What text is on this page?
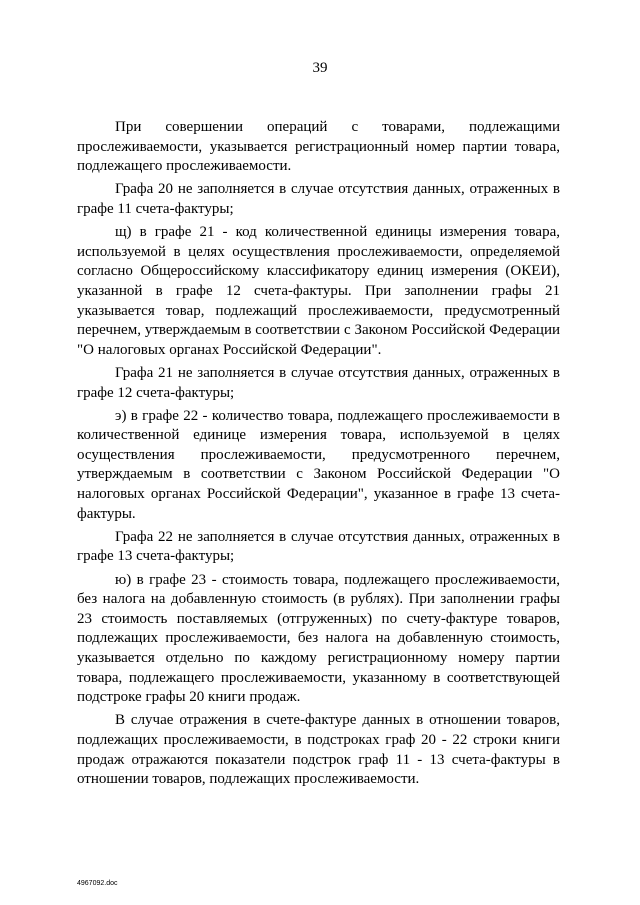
39

При совершении операций с товарами, подлежащими прослеживаемости, указывается регистрационный номер партии товара, подлежащего прослеживаемости.

Графа 20 не заполняется в случае отсутствия данных, отраженных в графе 11 счета-фактуры;

щ) в графе 21 - код количественной единицы измерения товара, используемой в целях осуществления прослеживаемости, определяемой согласно Общероссийскому классификатору единиц измерения (ОКЕИ), указанной в графе 12 счета-фактуры. При заполнении графы 21 указывается товар, подлежащий прослеживаемости, предусмотренный перечнем, утверждаемым в соответствии с Законом Российской Федерации "О налоговых органах Российской Федерации".

Графа 21 не заполняется в случае отсутствия данных, отраженных в графе 12 счета-фактуры;

э) в графе 22 - количество товара, подлежащего прослеживаемости в количественной единице измерения товара, используемой в целях осуществления прослеживаемости, предусмотренного перечнем, утверждаемым в соответствии с Законом Российской Федерации "О налоговых органах Российской Федерации", указанное в графе 13 счета-фактуры.

Графа 22 не заполняется в случае отсутствия данных, отраженных в графе 13 счета-фактуры;

ю) в графе 23 - стоимость товара, подлежащего прослеживаемости, без налога на добавленную стоимость (в рублях). При заполнении графы 23 стоимость поставляемых (отгруженных) по счету-фактуре товаров, подлежащих прослеживаемости, без налога на добавленную стоимость, указывается отдельно по каждому регистрационному номеру партии товара, подлежащего прослеживаемости, указанному в соответствующей подстроке графы 20 книги продаж.

В случае отражения в счете-фактуре данных в отношении товаров, подлежащих прослеживаемости, в подстроках граф 20 - 22 строки книги продаж отражаются показатели подстрок граф 11 - 13 счета-фактуры в отношении товаров, подлежащих прослеживаемости.

4967092.doc
